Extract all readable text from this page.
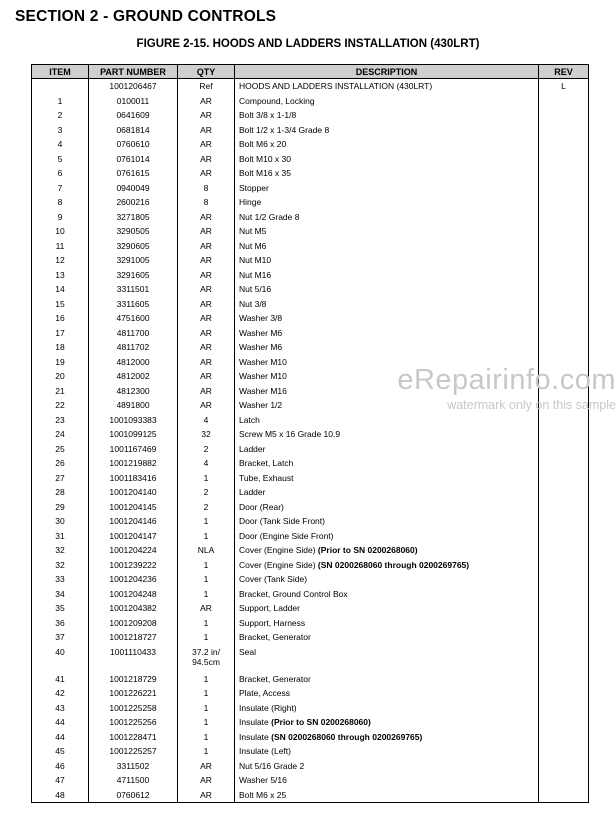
SECTION 2 - GROUND CONTROLS
FIGURE 2-15. HOODS AND LADDERS INSTALLATION (430LRT)
ITEM	PART NUMBER	QTY	DESCRIPTION	REV
	1001206467	Ref	HOODS AND LADDERS INSTALLATION (430LRT)	L
1	0100011	AR	Compound, Locking	
2	0641609	AR	Bolt 3/8 x 1-1/8	
3	0681814	AR	Bolt 1/2 x 1-3/4 Grade 8	
4	0760610	AR	Bolt M6 x 20	
5	0761014	AR	Bolt M10 x 30	
6	0761615	AR	Bolt M16 x 35	
7	0940049	8	Stopper	
8	2600216	8	Hinge	
9	3271805	AR	Nut 1/2 Grade 8	
10	3290505	AR	Nut M5	
11	3290605	AR	Nut M6	
12	3291005	AR	Nut M10	
13	3291605	AR	Nut M16	
14	3311501	AR	Nut 5/16	
15	3311605	AR	Nut 3/8	
16	4751600	AR	Washer 3/8	
17	4811700	AR	Washer M6	
18	4811702	AR	Washer M6	
19	4812000	AR	Washer M10	
20	4812002	AR	Washer M10	
21	4812300	AR	Washer M16	
22	4891800	AR	Washer 1/2	
23	1001093383	4	Latch	
24	1001099125	32	Screw M5 x 16 Grade 10.9	
25	1001167469	2	Ladder	
26	1001219882	4	Bracket, Latch	
27	1001183416	1	Tube, Exhaust	
28	1001204140	2	Ladder	
29	1001204145	2	Door (Rear)	
30	1001204146	1	Door (Tank Side Front)	
31	1001204147	1	Door (Engine Side Front)	
32	1001204224	NLA	Cover (Engine Side) (Prior to SN 0200268060)	
32	1001239222	1	Cover (Engine Side) (SN 0200268060 through 0200269765)	
33	1001204236	1	Cover (Tank Side)	
34	1001204248	1	Bracket, Ground Control Box	
35	1001204382	AR	Support, Ladder	
36	1001209208	1	Support, Harness	
37	1001218727	1	Bracket, Generator	
40	1001110433	37.2 in/ 94.5cm	Seal	
41	1001218729	1	Bracket, Generator	
42	1001226221	1	Plate, Access	
43	1001225258	1	Insulate (Right)	
44	1001225256	1	Insulate (Prior to SN 0200268060)	
44	1001228471	1	Insulate (SN 0200268060 through 0200269765)	
45	1001225257	1	Insulate (Left)	
46	3311502	AR	Nut 5/16 Grade 2	
47	4711500	AR	Washer 5/16	
48	0760612	AR	Bolt M6 x 25	
eRepairinfo.com
watermark only on this sample
